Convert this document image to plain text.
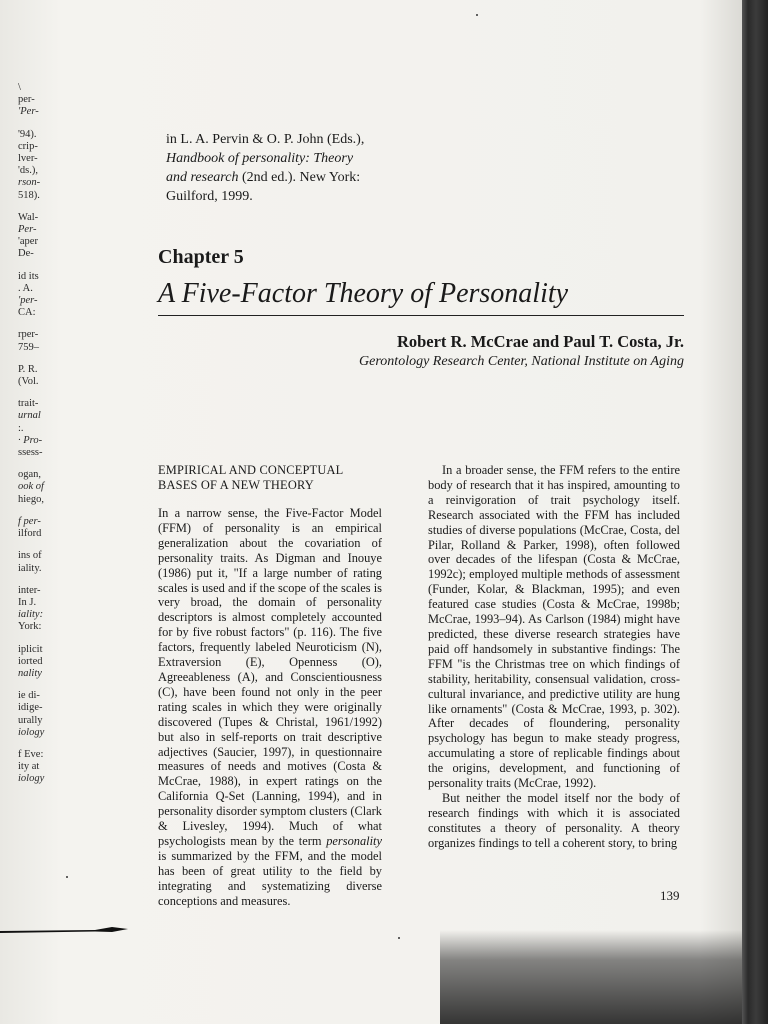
\
per-
'Per-
'94).
crip-
lver-
'ds.),
rson-
518).
Wal-
Per-
'aper
De-
id its
. A.
'per-
CA:
rper-
759–
P. R.
(Vol.
trait-
urnal
:.
· Pro-
ssess-
ogan,
ook of
hiego,
f per-
ilford
ins of
iality.
inter-
In J.
iality:
York:
iplicit
iorted
nality
ie di-
idige-
urally
iology
f Eve:
ity at
iology
in L. A. Pervin & O. P. John (Eds.),
Handbook of personality: Theory
and research (2nd ed.). New York:
Guilford, 1999.
Chapter 5
A Five-Factor Theory of Personality
Robert R. McCrae and Paul T. Costa, Jr.
Gerontology Research Center, National Institute on Aging
EMPIRICAL AND CONCEPTUAL
BASES OF A NEW THEORY

In a narrow sense, the Five-Factor Model (FFM) of personality is an empirical generalization about the covariation of personality traits. As Digman and Inouye (1986) put it, "If a large number of rating scales is used and if the scope of the scales is very broad, the domain of personality descriptors is almost completely accounted for by five robust factors" (p. 116). The five factors, frequently labeled Neuroticism (N), Extraversion (E), Openness (O), Agreeableness (A), and Conscientiousness (C), have been found not only in the peer rating scales in which they were originally discovered (Tupes & Christal, 1961/1992) but also in self-reports on trait descriptive adjectives (Saucier, 1997), in questionnaire measures of needs and motives (Costa & McCrae, 1988), in expert ratings on the California Q-Set (Lanning, 1994), and in personality disorder symptom clusters (Clark & Livesley, 1994). Much of what psychologists mean by the term personality is summarized by the FFM, and the model has been of great utility to the field by integrating and systematizing diverse conceptions and measures.

In a broader sense, the FFM refers to the entire body of research that it has inspired, amounting to a reinvigoration of trait psychology itself. Research associated with the FFM has included studies of diverse populations (McCrae, Costa, del Pilar, Rolland & Parker, 1998), often followed over decades of the lifespan (Costa & McCrae, 1992c); employed multiple methods of assessment (Funder, Kolar, & Blackman, 1995); and even featured case studies (Costa & McCrae, 1998b; McCrae, 1993–94). As Carlson (1984) might have predicted, these diverse research strategies have paid off handsomely in substantive findings: The FFM "is the Christmas tree on which findings of stability, heritability, consensual validation, cross-cultural invariance, and predictive utility are hung like ornaments" (Costa & McCrae, 1993, p. 302). After decades of floundering, personality psychology has begun to make steady progress, accumulating a store of replicable findings about the origins, development, and functioning of personality traits (McCrae, 1992).

But neither the model itself nor the body of research findings with which it is associated constitutes a theory of personality. A theory organizes findings to tell a coherent story, to bring

139
